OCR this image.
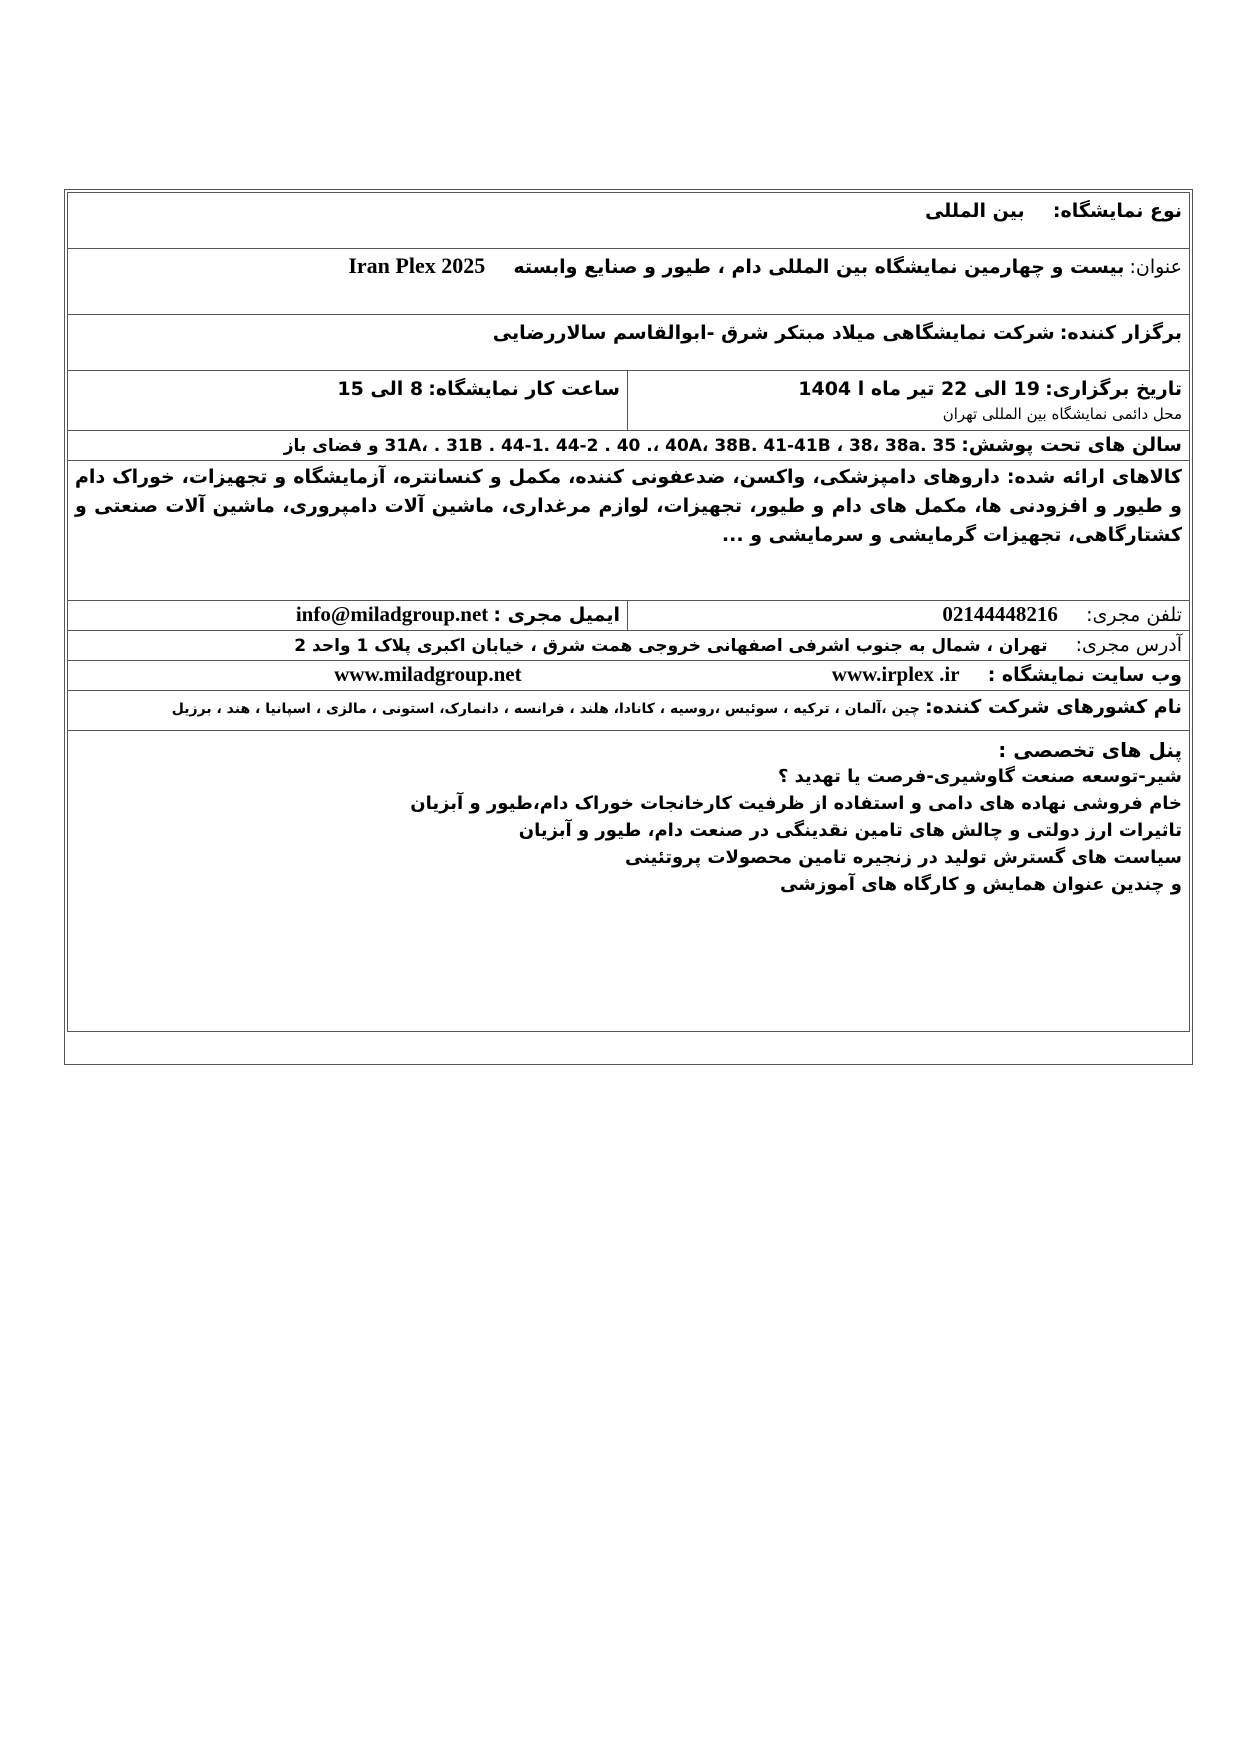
نوع نمایشگاه:  بین المللی
عنوان: بیست و چهارمین نمایشگاه بین المللی دام ، طیور و صنایع وابسته  Iran Plex 2025
برگزار کننده: شرکت نمایشگاهی میلاد مبتکر شرق -ابوالقاسم سالاررضایی
تاریخ برگزاری: 19 الی 22 تیر ماه ا 1404
محل دائمی نمایشگاه بین المللی تهران
ساعت کار نمایشگاه: 8 الی 15
سالن های تحت پوشش: 31A، . 31B . 44-1. 44-2 . 40 .، 40A، 38B. 41-41B ، 38، 38a. 35 و فضای باز
کالاهای ارائه شده: داروهای دامپزشکی، واکسن، ضدعفونی کننده، مکمل و کنسانتره، آزمایشگاه و تجهیزات، خوراک دام و طیور و افزودنی ها، مکمل های دام و طیور، تجهیزات، لوازم مرغداری، ماشین آلات دامپروری، ماشین آلات صنعتی و کشتارگاهی، تجهیزات گرمایشی و سرمایشی و ...
تلفن مجری:  02144448216
ایمیل مجری : info@miladgroup.net
آدرس مجری:  تهران ، شمال به جنوب اشرفی اصفهانی خروجی همت شرق ، خیابان اکبری پلاک 1 واحد 2
وب سایت نمایشگاه :  www.irplex .ir  www.miladgroup.net
نام کشورهای شرکت کننده: چین ،آلمان ، ترکیه ، سوئیس ،روسیه ، کانادا، هلند ، فرانسه ، دانمارک، استونی ، مالزی ، اسپانیا ، هند ، برزیل
پنل های تخصصی :
شیر-توسعه صنعت گاوشیری-فرصت یا تهدید ؟
خام فروشی نهاده های دامی و استفاده از ظرفیت کارخانجات خوراک دام،طیور و آبزیان
تاثیرات ارز دولتی و چالش های تامین نقدینگی در صنعت دام، طیور و آبزیان
سیاست های گسترش تولید در زنجیره تامین محصولات پروتئینی
و چندین عنوان همایش و کارگاه های آموزشی
